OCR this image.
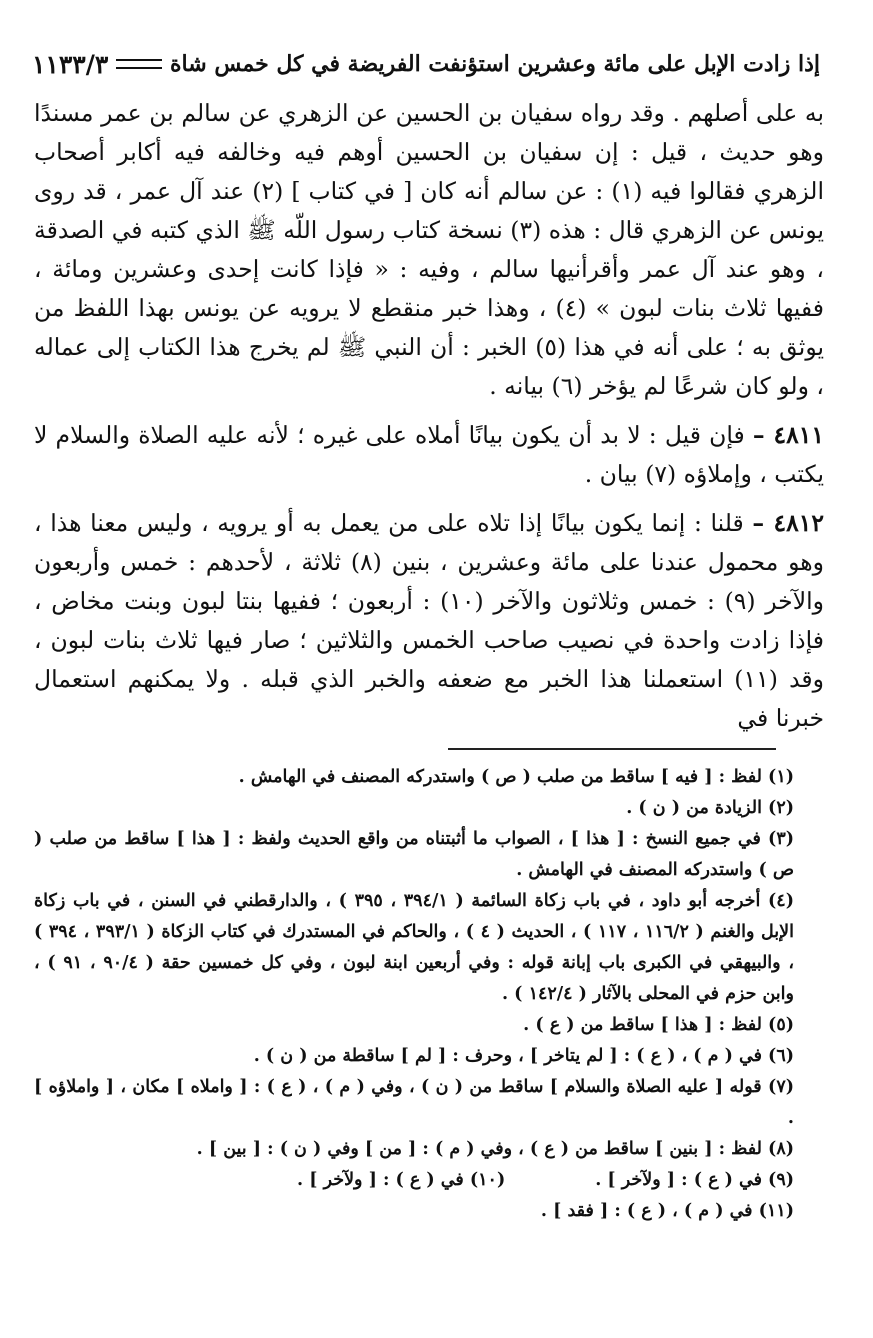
إذا زادت الإبل على مائة وعشرين استؤنفت الفريضة في كل خمس شاة
١١٣٣/٣

به على أصلهم . وقد رواه سفيان بن الحسين عن الزهري عن سالم بن عمر مسندًا وهو حديث ، قيل : إن سفيان بن الحسين أوهم فيه وخالفه فيه أكابر أصحاب الزهري فقالوا فيه (١) : عن سالم أنه كان [ في كتاب ] (٢) عند آل عمر ، قد روى يونس عن الزهري قال : هذه (٣) نسخة كتاب رسول اللّه ﷺ الذي كتبه في الصدقة ، وهو عند آل عمر وأقرأنيها سالم ، وفيه : « فإذا كانت إحدى وعشرين ومائة ، ففيها ثلاث بنات لبون » (٤) ، وهذا خبر منقطع لا يرويه عن يونس بهذا اللفظ من يوثق به ؛ على أنه في هذا (٥) الخبر : أن النبي ﷺ لم يخرج هذا الكتاب إلى عماله ، ولو كان شرعًا لم يؤخر (٦) بيانه .

٤٨١١ – فإن قيل : لا بد أن يكون بيانًا أملاه على غيره ؛ لأنه عليه الصلاة والسلام لا يكتب ، وإملاؤه (٧) بيان .

٤٨١٢ – قلنا : إنما يكون بيانًا إذا تلاه على من يعمل به أو يرويه ، وليس معنا هذا ، وهو محمول عندنا على مائة وعشرين ، بنين (٨) ثلاثة ، لأحدهم : خمس وأربعون والآخر (٩) : خمس وثلاثون والآخر (١٠) : أربعون ؛ ففيها بنتا لبون وبنت مخاض ، فإذا زادت واحدة في نصيب صاحب الخمس والثلاثين ؛ صار فيها ثلاث بنات لبون ، وقد (١١) استعملنا هذا الخبر مع ضعفه والخبر الذي قبله . ولا يمكنهم استعمال خبرنا في

(١) لفظ : [ فيه ] ساقط من صلب ( ص ) واستدركه المصنف في الهامش .

(٢) الزيادة من ( ن ) .

(٣) في جميع النسخ : [ هذا ] ، الصواب ما أثبتناه من واقع الحديث ولفظ : [ هذا ] ساقط من صلب ( ص ) واستدركه المصنف في الهامش .

(٤) أخرجه أبو داود ، في باب زكاة السائمة ( ٣٩٤/١ ، ٣٩٥ ) ، والدارقطني في السنن ، في باب زكاة الإبل والغنم ( ١١٦/٢ ، ١١٧ ) ، الحديث ( ٤ ) ، والحاكم في المستدرك في كتاب الزكاة ( ٣٩٣/١ ، ٣٩٤ ) ، والبيهقي في الكبرى باب إبانة قوله : وفي أربعين ابنة لبون ، وفي كل خمسين حقة ( ٩٠/٤ ، ٩١ ) ، وابن حزم في المحلى بالآثار ( ١٤٢/٤ ) .

(٥) لفظ : [ هذا ] ساقط من ( ع ) .

(٦) في ( م ) ، ( ع ) : [ لم يتاخر ] ، وحرف : [ لم ] ساقطة من ( ن ) .

(٧) قوله [ عليه الصلاة والسلام ] ساقط من ( ن ) ، وفي ( م ) ، ( ع ) : [ واملاه ] مكان ، [ واملاؤه ] .

(٨) لفظ : [ بنين ] ساقط من ( ع ) ، وفي ( م ) : [ من ] وفي ( ن ) : [ بين ] .

(٩) في ( ع ) : [ ولآخر ] .
(١٠) في ( ع ) : [ ولآخر ] .

(١١) في ( م ) ، ( ع ) : [ فقد ] .
